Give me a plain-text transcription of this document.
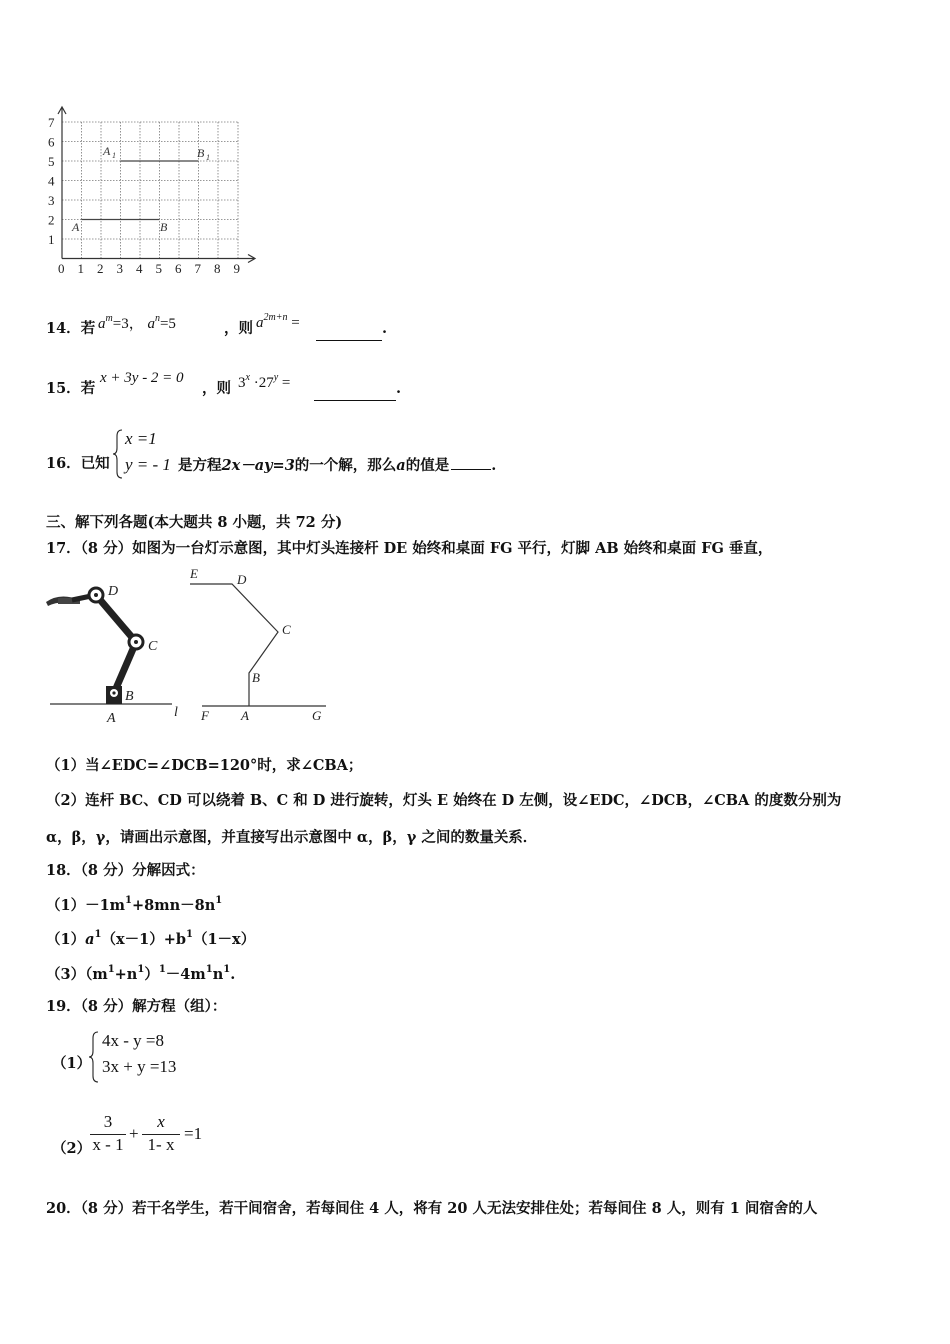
1
2
3
4
5
6
7
0 1 2 3 4 5 6 7 8 9
A	B
A 1	B 1
14．若 $a^m=3$， $a^n=5$	，则 $a^{2m+n}$ =	.
15．若
x + 3y - 2 = 0
，则 $3^x \cdot 27^y$ =	.
16．已知
x =1
y = - 1 是方程2x－ay=3的一个解，那么a的值是	.
三、解下列各题(本大题共 8 小题，共 72 分)
17．（8 分）如图为一台灯示意图，其中灯头连接杆 DE 始终和桌面 FG 平行，灯脚 AB 始终和桌面 FG 垂直，
D
C
B
A	l
E	D
C
B
F A	G
（1）当∠EDC=∠DCB=120°时，求∠CBA；
（2）连杆 BC、CD 可以绕着 B、C 和 D 进行旋转，灯头 E 始终在 D 左侧，设∠EDC，∠DCB，∠CBA 的度数分别为
α，β，γ，请画出示意图，并直接写出示意图中 α，β，γ 之间的数量关系．
18．（8 分）分解因式：
$(1)-1m^1+8mn-8n^1$
$(1)a^1(x-1)+b^1(1-x)$
$(3)(m^1+n^1)^1-4m^1n^1$.
19．（8 分）解方程（组）：
（1）
4x - y =8
3x + y =13
（2）
3
x - 1
+
x
1- x
=1
20．（8 分）若干名学生，若干间宿舍，若每间住 4 人，将有 20 人无法安排住处；若每间住 8 人，则有 1 间宿舍的人
